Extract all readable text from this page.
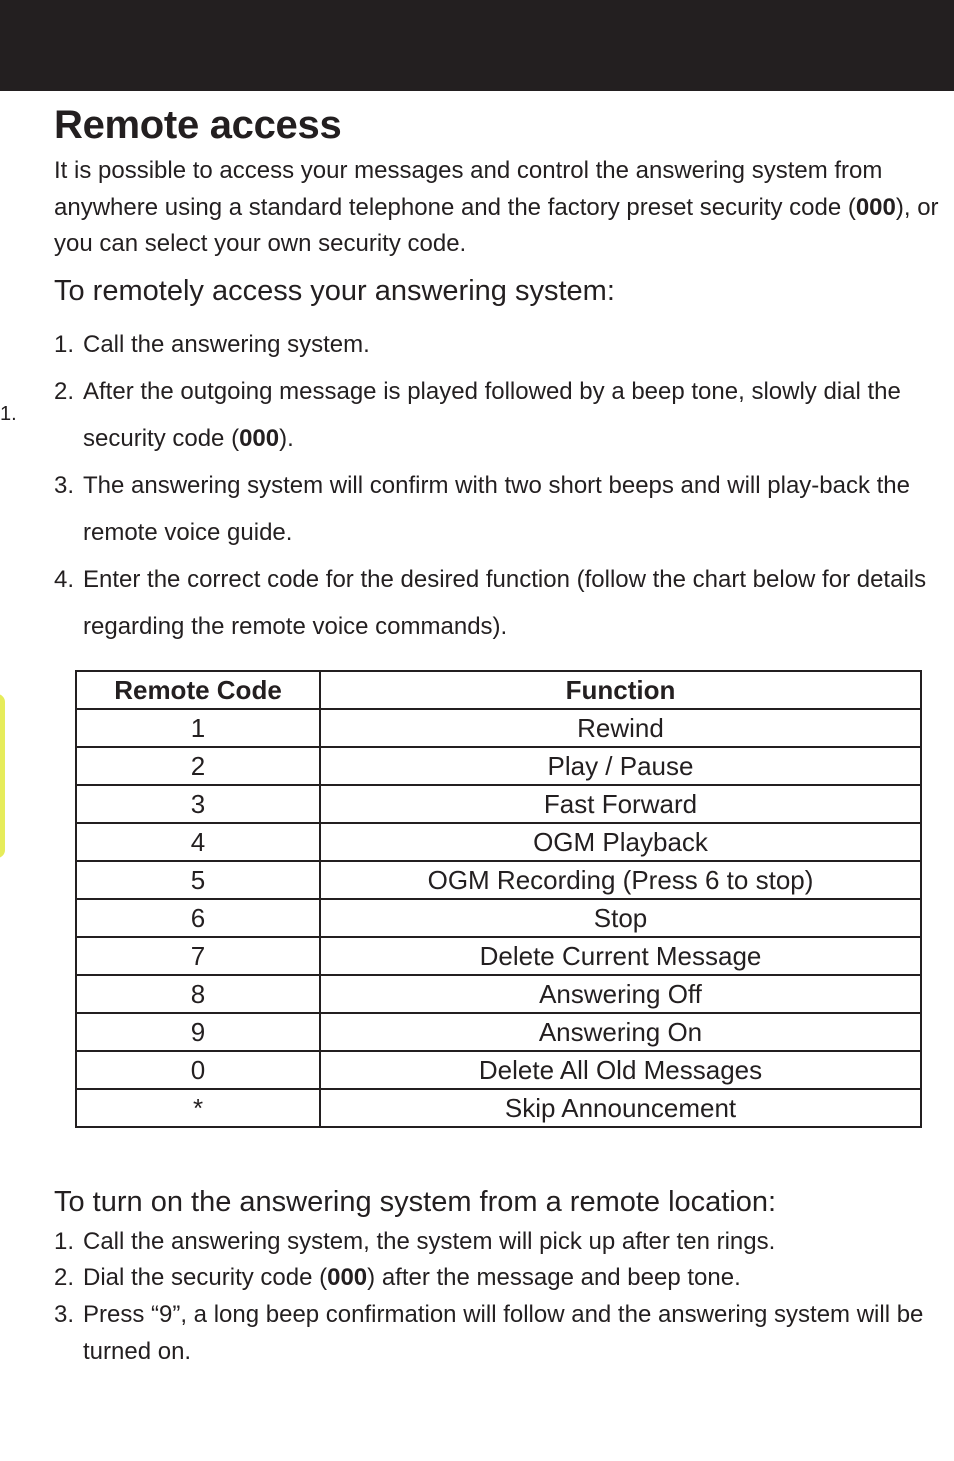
1.
Remote access

It is possible to access your messages and control the answering system from anywhere using a standard telephone and the factory preset security code (000), or you can select your own security code.

To remotely access your answering system:
1. Call the answering system.
2. After the outgoing message is played followed by a beep tone, slowly dial the security code (000).
3. The answering system will confirm with two short beeps and will play-back the remote voice guide.
4. Enter the correct code for the desired function (follow the chart below for details regarding the remote voice commands).
Remote Code	Function
1	Rewind
2	Play / Pause
3	Fast Forward
4	OGM Playback
5	OGM Recording (Press 6 to stop)
6	Stop
7	Delete Current Message
8	Answering Off
9	Answering On
0	Delete All Old Messages
*	Skip Announcement
To turn on the answering system from a remote location:
1. Call the answering system, the system will pick up after ten rings.
2. Dial the security code (000) after the message and beep tone.
3. Press “9”, a long beep confirmation will follow and the answering system will be turned on.
